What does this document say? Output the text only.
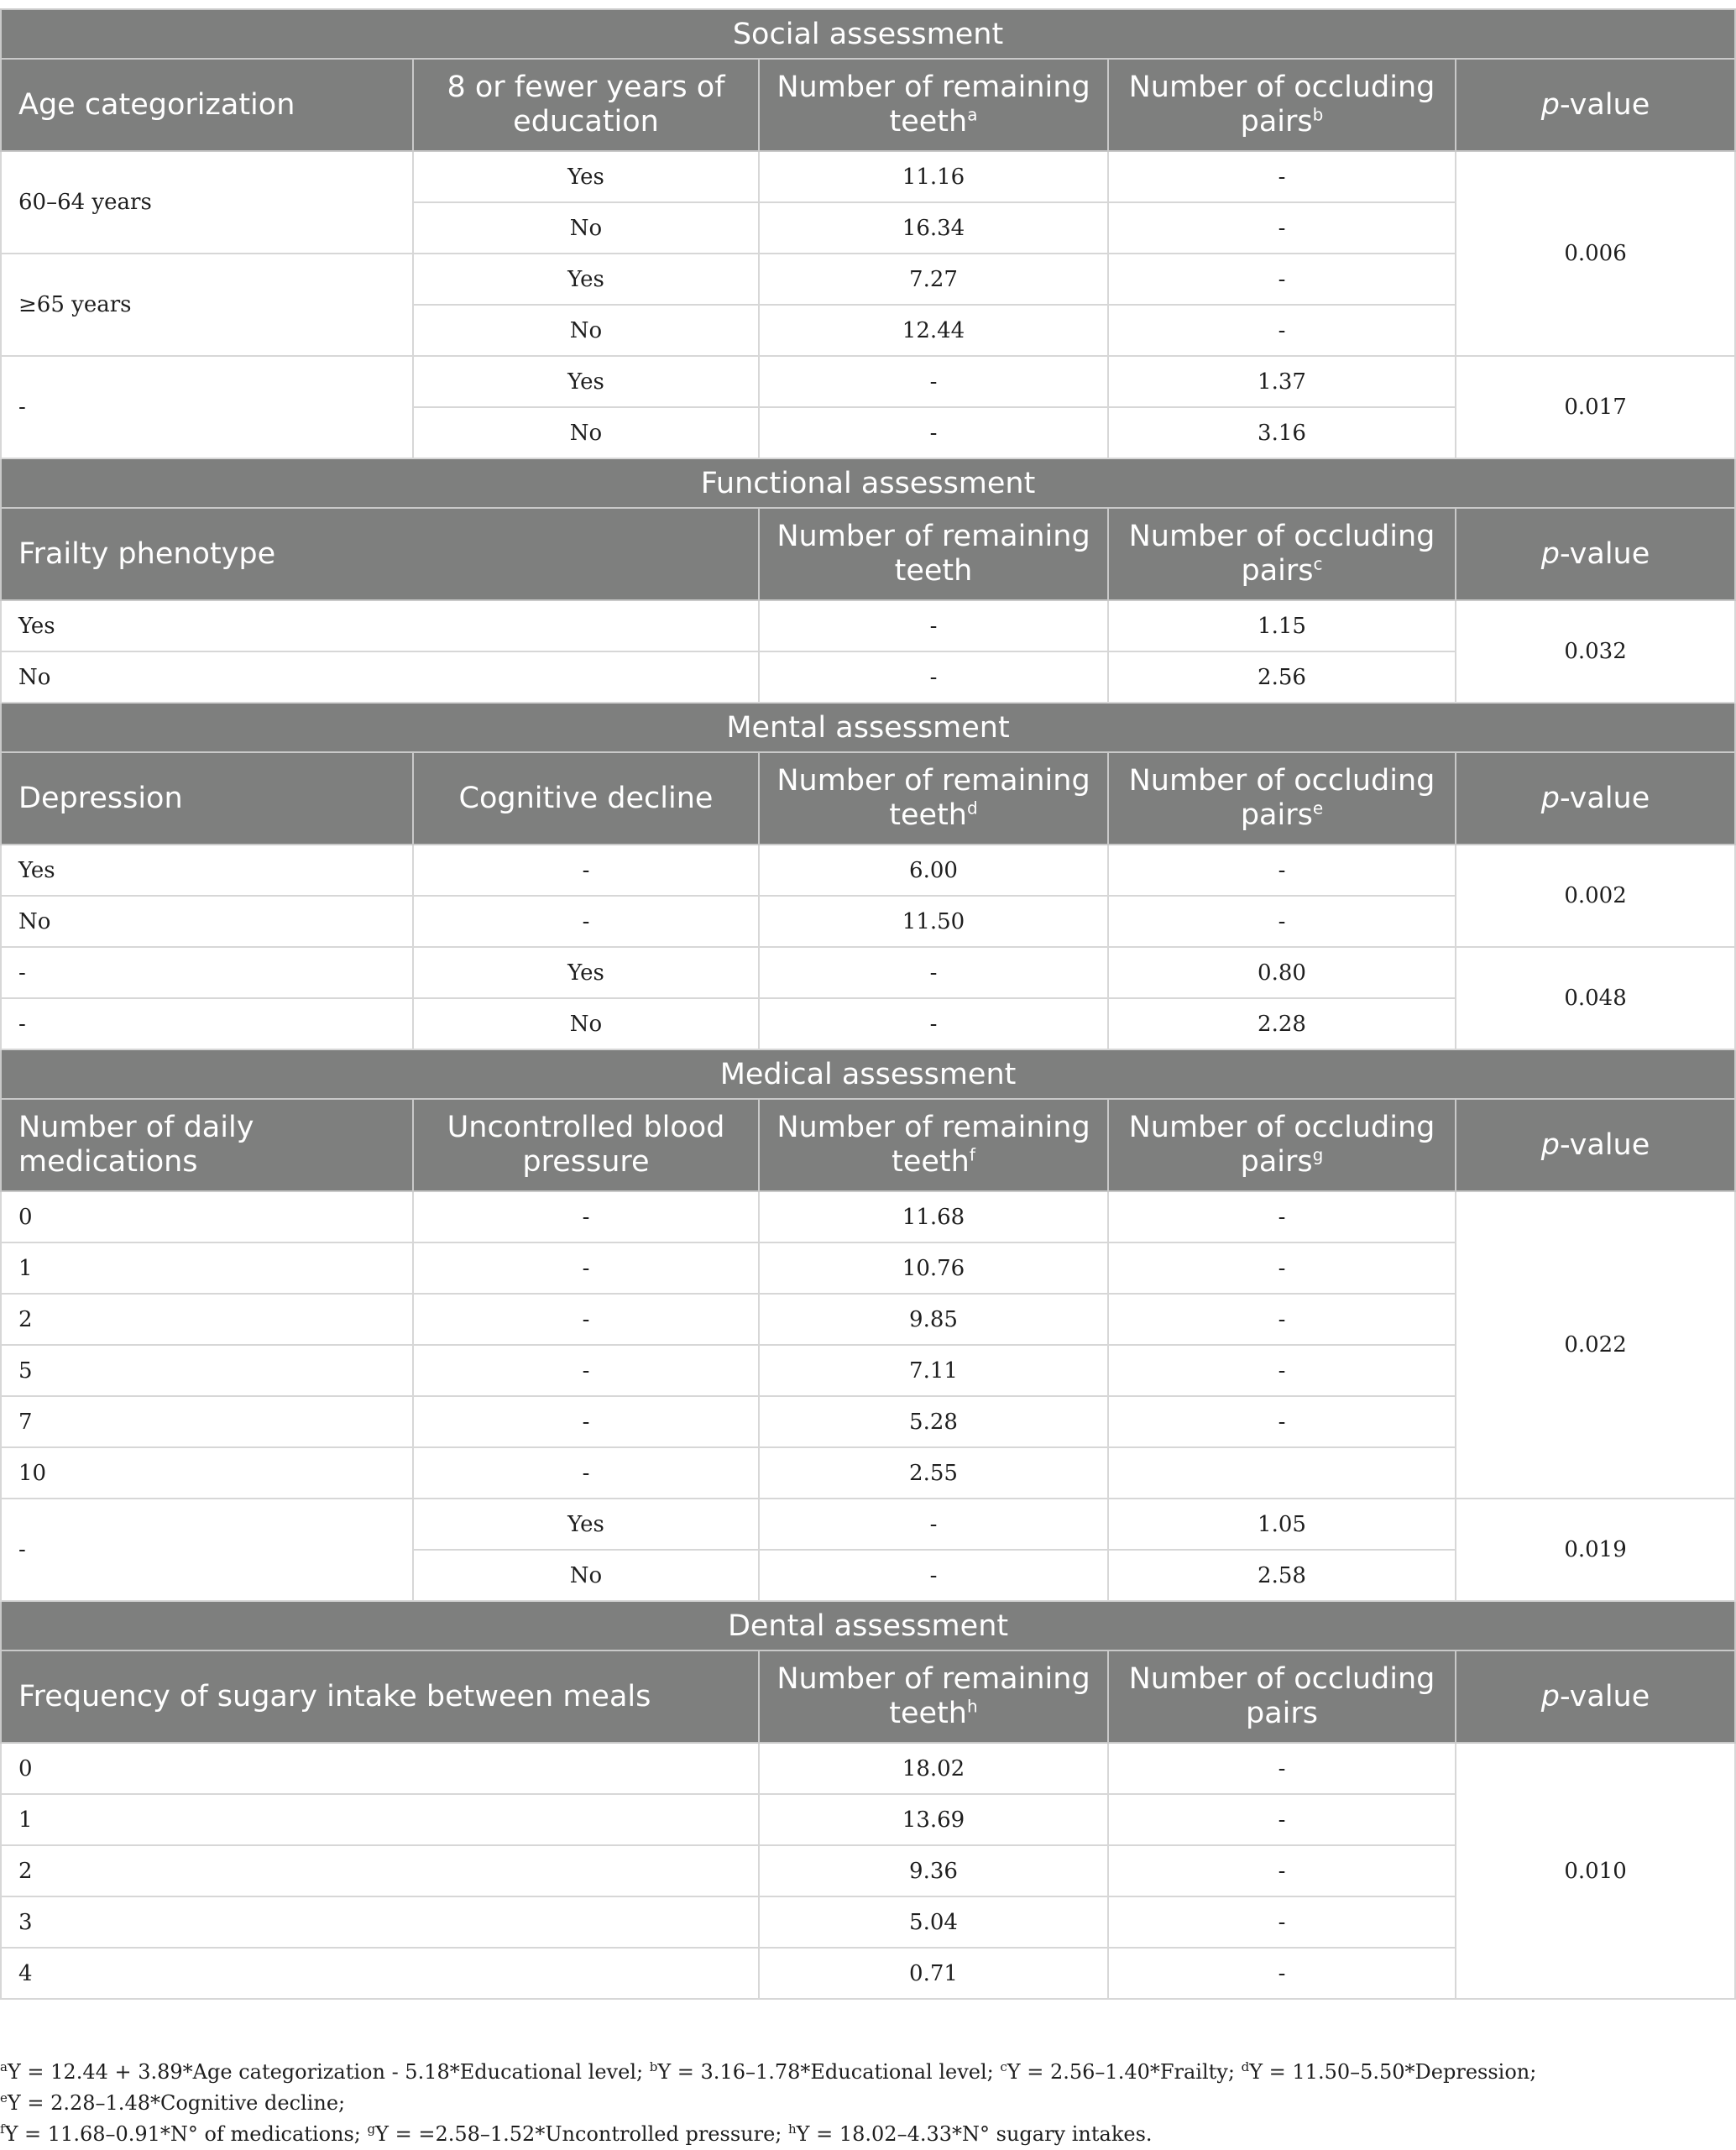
Social assessment				
Age categorization	8 or fewer years of education	Number of remaining teeth$^a$	Number of occluding pairs$^b$	p-value
60–64 years	Yes	11.16	-	0.006
	No	16.34	-	
≥65 years	Yes	7.27	-	
	No	12.44	-	
-	Yes	-	1.37	0.017
	No	-	3.16	
Functional assessment				
Frailty phenotype		Number of remaining teeth	Number of occluding pairs$^c$	p-value
Yes		-	1.15	0.032
No		-	2.56	
Mental assessment				
Depression	Cognitive decline	Number of remaining teeth$^d$	Number of occluding pairs$^e$	p-value
Yes	-	6.00	-	0.002
No	-	11.50	-	
-	Yes	-	0.80	0.048
-	No	-	2.28	
Medical assessment				
Number of daily medications	Uncontrolled blood pressure	Number of remaining teeth$^f$	Number of occluding pairs$^g$	p-value
0	-	11.68	-	0.022
1	-	10.76	-	
2	-	9.85	-	
5	-	7.11	-	
7	-	5.28	-	
10	-	2.55		
-	Yes	-	1.05	0.019
	No	-	2.58	
Dental assessment				
Frequency of sugary intake between meals		Number of remaining teeth$^h$	Number of occluding pairs	p-value
0		18.02	-	0.010
1		13.69	-	
2		9.36	-	
3		5.04	-	
4		0.71	-	
$^a$Y = 12.44 + 3.89*Age categorization - 5.18*Educational level; $^b$Y = 3.16–1.78*Educational level; $^c$Y = 2.56–1.40*Frailty; $^d$Y = 11.50–5.50*Depression; $^e$Y = 2.28–1.48*Cognitive decline;
$^f$Y = 11.68–0.91*N° of medications; $^g$Y = =2.58–1.52*Uncontrolled pressure; $^h$Y = 18.02–4.33*N° sugary intakes.
